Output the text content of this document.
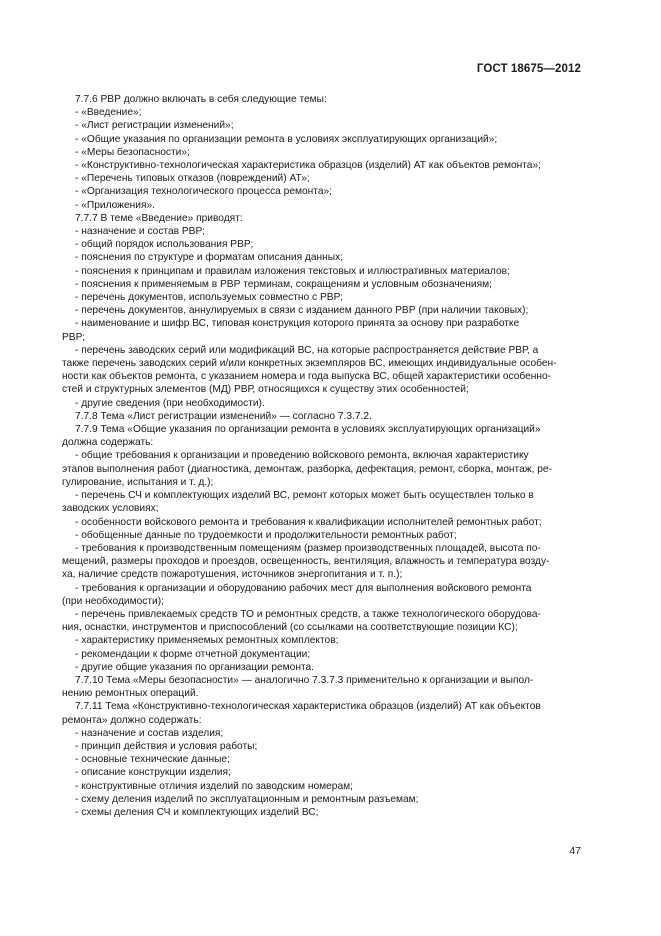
ГОСТ 18675—2012
7.7.6 РВР должно включать в себя следующие темы:
- «Введение»;
- «Лист регистрации изменений»;
- «Общие указания по организации ремонта в условиях эксплуатирующих организаций»;
- «Меры безопасности»;
- «Конструктивно-технологическая характеристика образцов (изделий) АТ как объектов ремонта»;
- «Перечень типовых отказов (повреждений) АТ»;
- «Организация технологического процесса ремонта»;
- «Приложения».
7.7.7 В теме «Введение» приводят:
- назначение и состав РВР;
- общий порядок использования РВР;
- пояснения по структуре и форматам описания данных;
- пояснения к принципам и правилам изложения текстовых и иллюстративных материалов;
- пояснения к применяемым в РВР терминам, сокращениям и условным обозначениям;
- перечень документов, используемых совместно с РВР;
- перечень документов, аннулируемых в связи с изданием данного РВР (при наличии таковых);
- наименование и шифр ВС, типовая конструкция которого принята за основу при разработке
РВР;
- перечень заводских серий или модификаций ВС, на которые распространяется действие РВР, а
также перечень заводских серий и/или конкретных экземпляров ВС, имеющих индивидуальные особен-
ности как объектов ремонта, с указанием номера и года выпуска ВС, общей характеристики особенно-
стей и структурных элементов (МД) РВР, относящихся к существу этих особенностей;
- другие сведения (при необходимости).
7.7.8 Тема «Лист регистрации изменений» — согласно 7.3.7.2.
7.7.9 Тема «Общие указания по организации ремонта в условиях эксплуатирующих организаций»
должна содержать:
- общие требования к организации и проведению войскового ремонта, включая характеристику
этапов выполнения работ (диагностика, демонтаж, разборка, дефектация, ремонт, сборка, монтаж, ре-
гулирование, испытания и т. д.);
- перечень СЧ и комплектующих изделий ВС, ремонт которых может быть осуществлен только в
заводских условиях;
- особенности войскового ремонта и требования к квалификации исполнителей ремонтных работ;
- обобщенные данные по трудоемкости и продолжительности ремонтных работ;
- требования к производственным помещениям (размер производственных площадей, высота по-
мещений, размеры проходов и проездов, освещенность, вентиляция, влажность и температура возду-
ха, наличие средств пожаротушения, источников энергопитания и т. п.);
- требования к организации и оборудованию рабочих мест для выполнения войскового ремонта
(при необходимости);
- перечень привлекаемых средств ТО и ремонтных средств, а также технологического оборудова-
ния, оснастки, инструментов и приспособлений (со ссылками на соответствующие позиции КС);
- характеристику применяемых ремонтных комплектов;
- рекомендации к форме отчетной документации;
- другие общие указания по организации ремонта.
7.7.10 Тема «Меры безопасности» — аналогично 7.3.7.3 применительно к организации и выпол-
нению ремонтных операций.
7.7.11 Тема «Конструктивно-технологическая характеристика образцов (изделий) АТ как объектов
ремонта» должно содержать:
- назначение и состав изделия;
- принцип действия и условия работы;
- основные технические данные;
- описание конструкции изделия;
- конструктивные отличия изделий по заводским номерам;
- схему деления изделий по эксплуатационным и ремонтным разъемам;
- схемы деления СЧ и комплектующих изделий ВС;
47
